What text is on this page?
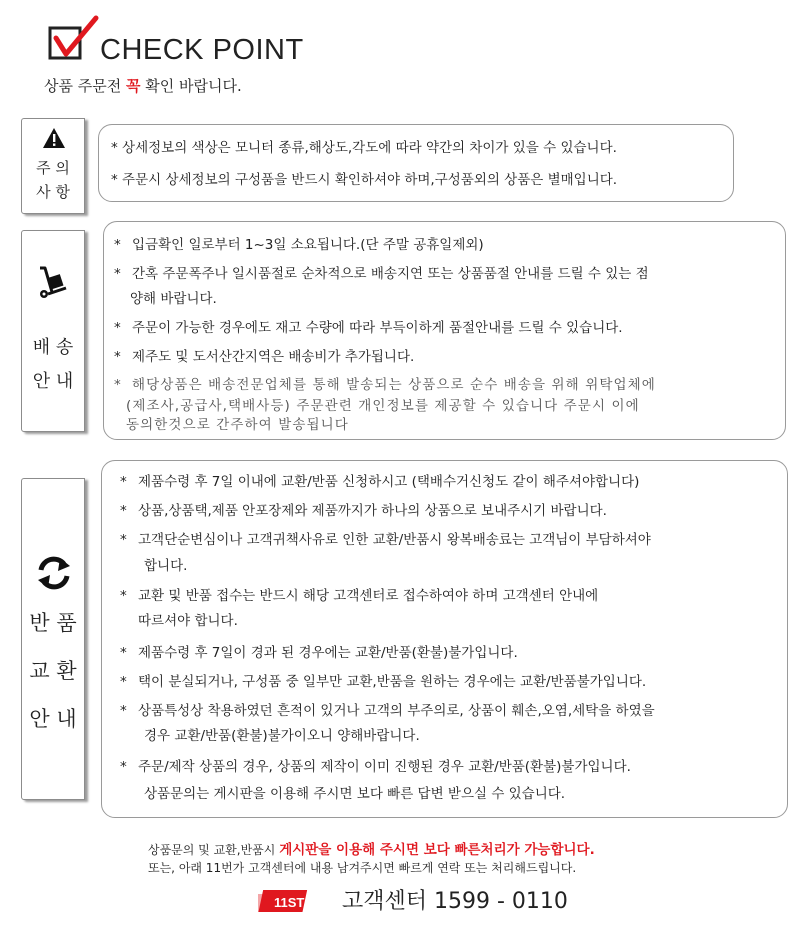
CHECK POINT
상품 주문전 꼭 확인 바랍니다.
주 의
사 항
* 상세정보의 색상은 모니터 종류,해상도,각도에 따라 약간의 차이가 있을 수 있습니다.
* 주문시 상세정보의 구성품을 반드시 확인하셔야 하며,구성품외의 상품은 별매입니다.
배 송
안 내
* 입금확인 일로부터 1~3일 소요됩니다.(단 주말 공휴일제외)
* 간혹 주문폭주나 일시품절로 순차적으로 배송지연 또는 상품품절 안내를 드릴 수 있는 점
양해 바랍니다.
* 주문이 가능한 경우에도 재고 수량에 따라 부득이하게 품절안내를 드릴 수 있습니다.
* 제주도 및 도서산간지역은 배송비가 추가됩니다.
* 해당상품은 배송전문업체를 통해 발송되는 상품으로 순수 배송을 위해 위탁업체에
(제조사,공급사,택배사등) 주문관련 개인정보를 제공할 수 있습니다 주문시 이에
동의한것으로 간주하여 발송됩니다
반 품
교 환
안 내
* 제품수령 후 7일 이내에 교환/반품 신청하시고 (택배수거신청도 같이 해주셔야합니다)
* 상품,상품택,제품 안포장제와 제품까지가 하나의 상품으로 보내주시기 바랍니다.
* 고객단순변심이나 고객귀책사유로 인한 교환/반품시 왕복배송료는 고객님이 부담하셔야
합니다.
* 교환 및 반품 접수는 반드시 해당 고객센터로 접수하여야 하며 고객센터 안내에
따르셔야 합니다.
* 제품수령 후 7일이 경과 된 경우에는 교환/반품(환불)불가입니다.
* 택이 분실되거나, 구성품 중 일부만 교환,반품을 원하는 경우에는 교환/반품불가입니다.
* 상품특성상 착용하였던 흔적이 있거나 고객의 부주의로, 상품이 훼손,오염,세탁을 하였을
경우 교환/반품(환불)불가이오니 양해바랍니다.
* 주문/제작 상품의 경우, 상품의 제작이 이미 진행된 경우 교환/반품(환불)불가입니다.
상품문의는 게시판을 이용해 주시면 보다 빠른 답변 받으실 수 있습니다.
상품문의 및 교환,반품시 게시판을 이용해 주시면 보다 빠른처리가 가능합니다.
또는, 아래 11번가 고객센터에 내용 남겨주시면 빠르게 연락 또는 처리해드립니다.
11ST 고객센터 1599 - 0110
